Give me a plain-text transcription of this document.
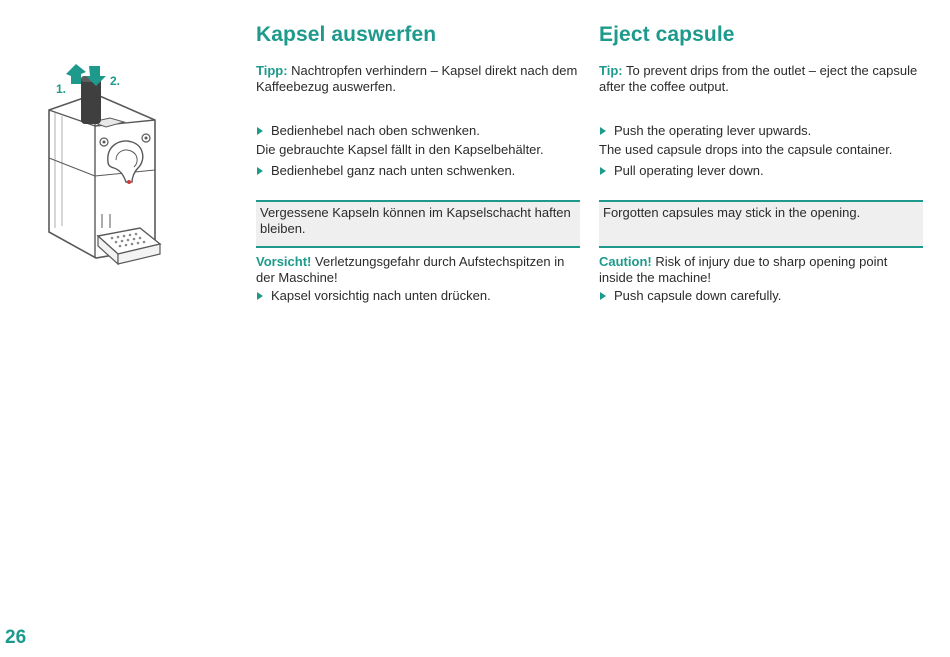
1.
2.
Kapsel auswerfen

Tipp: Nachtropfen verhindern – Kapsel direkt nach dem Kaffeebezug auswerfen.

Bedienhebel nach oben schwenken.

Die gebrauchte Kapsel fällt in den Kapselbehälter.

Bedienhebel ganz nach unten schwenken.
Vergessene Kapseln können im Kapselschacht haften bleiben.

Vorsicht! Verletzungsgefahr durch Aufstechspitzen in der Maschine!

Kapsel vorsichtig nach unten drücken.
Eject capsule

Tip: To prevent drips from the outlet – eject the capsule after the coffee output.

Push the operating lever upwards.

The used capsule drops into the capsule container.

Pull operating lever down.
Forgotten capsules may stick in the opening.

Caution! Risk of injury due to sharp opening point inside the machine!

Push capsule down carefully.
26
